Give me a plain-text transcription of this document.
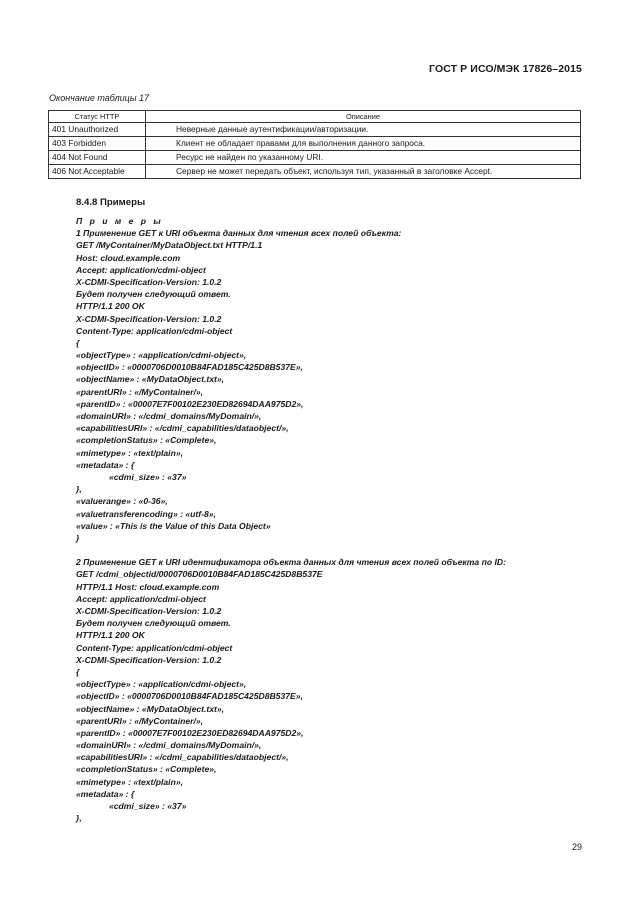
ГОСТ Р ИСО/МЭК 17826–2015
Окончание таблицы 17
Статус HTTP	Описание
401 Unauthorized	Неверные данные аутентификации/авторизации.
403 Forbidden	Клиент не обладает правами для выполнения данного запроса.
404 Not Found	Ресурс не найден по указанному URI.
406 Not Acceptable	Сервер не может передать объект, используя тип, указанный в заголовке Accept.
8.4.8 Примеры
П р и м е р ы
1 Применение GET к URI объекта данных для чтения всех полей объекта:
GET /MyContainer/MyDataObject.txt HTTP/1.1
Host: cloud.example.com
Accept: application/cdmi-object
X-CDMI-Specification-Version: 1.0.2
Будет получен следующий ответ.
HTTP/1.1 200 OK
X-CDMI-Specification-Version: 1.0.2
Content-Type: application/cdmi-object
{
«objectType» : «application/cdmi-object»,
«objectID» : «0000706D0010B84FAD185C425D8B537E»,
«objectName» : «MyDataObject.txt»,
«parentURI» : «/MyContainer/»,
«parentID» : «00007E7F00102E230ED82694DAA975D2»,
«domainURI» : «/cdmi_domains/MyDomain/»,
«capabilitiesURI» : «/cdmi_capabilities/dataobject/»,
«completionStatus» : «Complete»,
«mimetype» : «text/plain»,
«metadata» : {
«cdmi_size» : «37»
},
«valuerange» : «0-36»,
«valuetransferencoding» : «utf-8»,
«value» : «This is the Value of this Data Object»
}
2 Применение GET к URI идентификатора объекта данных для чтения всех полей объекта по ID:
GET /cdmi_objectid/0000706D0010B84FAD185C425D8B537E
HTTP/1.1 Host: cloud.example.com
Accept: application/cdmi-object
X-CDMI-Specification-Version: 1.0.2
Будет получен следующий ответ.
HTTP/1.1 200 OK
Content-Type: application/cdmi-object
X-CDMI-Specification-Version: 1.0.2
{
«objectType» : «application/cdmi-object»,
«objectID» : «0000706D0010B84FAD185C425D8B537E»,
«objectName» : «MyDataObject.txt»,
«parentURI» : «/MyContainer/»,
«parentID» : «00007E7F00102E230ED82694DAA975D2»,
«domainURI» : «/cdmi_domains/MyDomain/»,
«capabilitiesURI» : «/cdmi_capabilities/dataobject/»,
«completionStatus» : «Complete»,
«mimetype» : «text/plain»,
«metadata» : {
«cdmi_size» : «37»
},
29
